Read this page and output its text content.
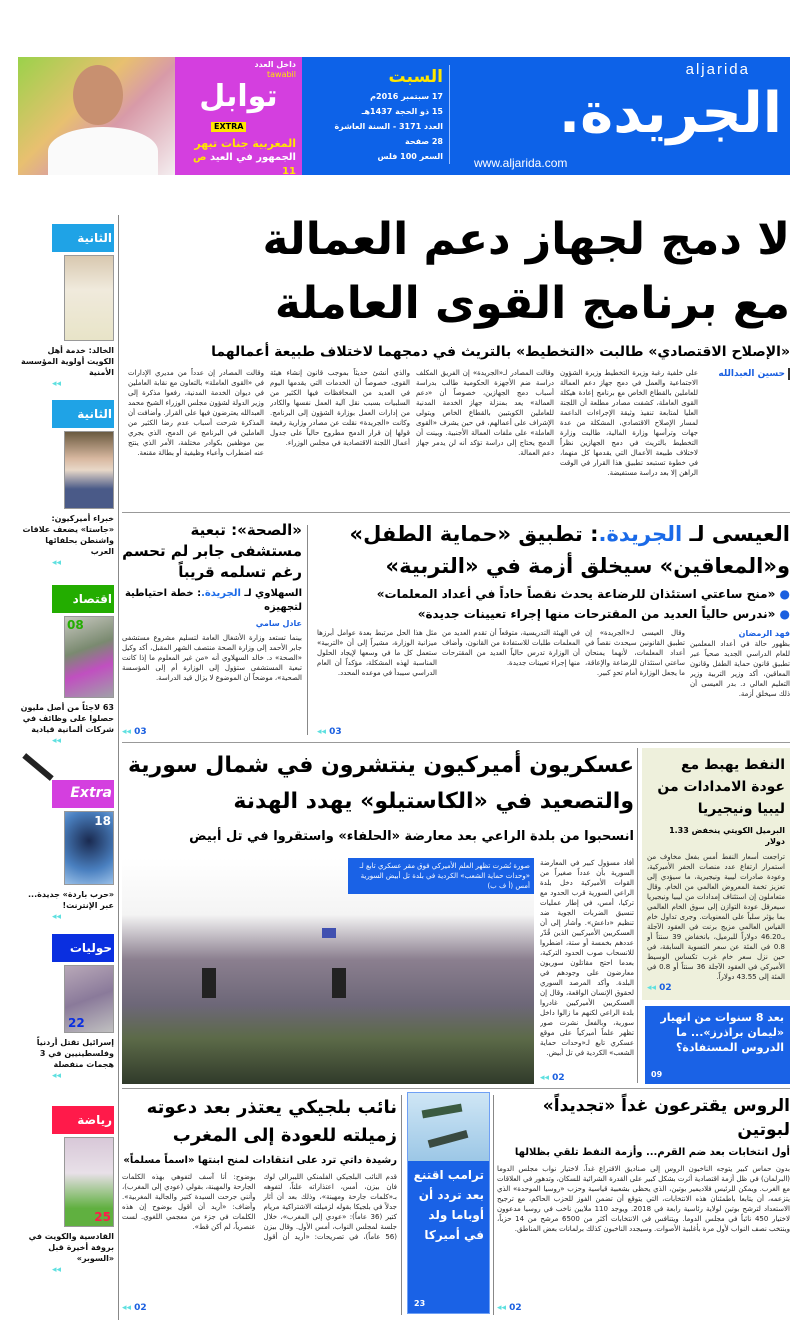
داخل العدد
tawabil
توابل
EXTRA
المغربية جنات تبهر
الجمهور في العيد ص 11
السبت
17 سبتمبر 2016م
15 ذو الحجة 1437هـ
العدد 3171 - السنة العاشرة
28 صفحة
السعر 100 فلس
aljarida
الجريدة.
www.aljarida.com
لا دمج لجهاز دعم العمالة
مع برنامج القوى العاملة
«الإصلاح الاقتصادي» طالبت «التخطيط» بالتريث في دمجهما لاختلاف طبيعة أعمالهما
حسين العبدالله
على خلفية رغبة وزيرة التخطيط وزيرة الشؤون الاجتماعية والعمل في دمج جهاز دعم العمالة للعاملين بالقطاع الخاص مع برنامج إعادة هيكلة القوى العاملة، كشفت مصادر مطلعة أن اللجنة العليا لمتابعة تنفيذ وثيقة الإجراءات الداعمة لمسار الإصلاح الاقتصادي، المشكلة من عدة جهات وترأسها وزارة المالية، طالبت وزارة التخطيط بالتريث في دمج الجهازين نظراً لاختلاف طبيعة الأعمال التي يقدمها كل منهما، في خطوة تستبعد تطبيق هذا القرار في الوقت الراهن إلا بعد دراسة مستفيضة.
وقالت المصادر لـ«الجريدة» إن الفريق المكلف دراسة ضم الأجهزة الحكومية طالب بدراسة أسباب دمج الجهازين، خصوصاً أن «دعم العمالة» يعد بمنزلة جهاز الخدمة المدنية للعاملين الكويتيين بالقطاع الخاص ويتولى الإشراف على أعمالهم، في حين يشرف «القوى العاملة» على ملفات العمالة الأجنبية. وبينت أن الدمج يحتاج إلى دراسة تؤكد أنه لن يدمر جهاز دعم العمالة.
والذي أنشئ حديثاً بموجب قانون إنشاء هيئة القوى، خصوصاً أن الخدمات التي يقدمها اليوم في العديد من المحافظات فيها الكثير من السلبيات بسبب نقل آلية العمل نفسها والكادر من إدارات العمل بوزارة الشؤون إلى البرنامج. وكانت «الجريدة» نقلت عن مصادر وزارية رفيعة قولها إن قرار الدمج مطروح حالياً على جدول أعمال اللجنة الاقتصادية في مجلس الوزراء.
وقالت المصادر إن عدداً من مديري الإدارات في «القوى العاملة» بالتعاون مع نقابة العاملين في ديوان الخدمة المدنية، رفعوا مذكرة إلى وزير الدولة لشؤون مجلس الوزراء الشيخ محمد العبدالله يعترضون فيها على القرار. وأضافت أن المذكرة شرحت أسباب عدم رضا الكثير من العاملين في البرنامج عن الدمج، الذي يجري بين موظفين بكوادر مختلفة، الأمر الذي ينتج عنه اضطراب وأعباء وظيفية أو بطالة مقنعة.
العيسى لـ الجريدة.: تطبيق «حماية الطفل»
و«المعاقين» سيخلق أزمة في «التربية»
● «منح ساعتي استئذان للرضاعة يحدث نقصاً حاداً في أعداد المعلمات»
● «ندرس حالياً العديد من المقترحات منها إجراء تعيينات جديدة»
فهد الرمضان
بظهور حالة في أعداد المعلمين للعام الدراسي الجديد صحياً عبر تطبيق قانون حماية الطفل وقانون المعاقين، أكد وزير التربية وزير التعليم العالي د. بدر العيسى أن ذلك سيخلق أزمة.
وقال العيسى لـ«الجريدة» إن تطبيق القانونين سيحدث نقصاً في أعداد المعلمات، لأنهما يمنحان ساعتي استئذان للرضاعة والإعاقة، ما يجعل الوزارة أمام تحدٍ كبير.
في الهيئة التدريسية، متوقعاً أن تقدم العديد من المعلمات طلبات للاستفادة من القانون، وأضاف أن الوزارة تدرس حالياً العديد من المقترحات منها إجراء تعيينات جديدة.
مثل هذا الحل مرتبط بعدة عوامل أبرزها ميزانية الوزارة، مشيراً إلى أن «التربية» ستعمل كل ما في وسعها لإيجاد الحلول المناسبة لهذه المشكلة، مؤكداً أن العام الدراسي سيبدأ في موعده المحدد.
◂◂ 03
«الصحة»: تبعية مستشفى جابر لم تحسم رغم تسلمه قريباً
السهلاوي لـ الجريدة.: خطة احتياطية لتجهيزه
عادل سامي
بينما تستعد وزارة الأشغال العامة لتسليم مشروع مستشفى جابر الأحمد إلى وزارة الصحة منتصف الشهر المقبل، أكد وكيل «الصحة» د. خالد السهلاوي أنه «من غير المعلوم ما إذا كانت تبعية المستشفى ستؤول إلى الوزارة أم إلى المؤسسة الصحية»، موضحاً أن الموضوع لا يزال قيد الدراسة.
◂◂ 03
عسكريون أميركيون ينتشرون في شمال سورية
والتصعيد في «الكاستيلو» يهدد الهدنة
انسحبوا من بلدة الراعي بعد معارضة «الحلفاء» واستقروا في تل أبيض
صورة نُشرت تظهر العلم الأميركي فوق مقر عسكري تابع لـ «وحدات حماية الشعب» الكردية في بلدة تل أبيض السورية أمس (أ ف ب)
أفاد مسؤول كبير في المعارضة السورية بأن عدداً صغيراً من القوات الأميركية دخل بلدة الراعي السورية قرب الحدود مع تركيا، أمس، في إطار عمليات تنسيق الضربات الجوية ضد تنظيم «داعش». وأشار إلى أن العسكريين الأميركيين الذين قُدّر عددهم بخمسة أو ستة، اضطروا للانسحاب صوب الحدود التركية، بعدما احتج مقاتلون سوريون معارضون على وجودهم في البلدة. وأكد المرصد السوري لحقوق الإنسان الواقعة، وقال إن العسكريين الأميركيين غادروا بلدة الراعي لكنهم ما زالوا داخل سورية، وبالفعل نشرت صور تظهر علماً أميركياً على موقع عسكري تابع لـ«وحدات حماية الشعب» الكردية في تل أبيض.
◂◂ 02
النفط يهبط مع عودة الامدادات من ليبيا ونيجيريا
البرميل الكويتي ينخفض 1.33 دولار
تراجعت أسعار النفط أمس بفعل مخاوف من استمرار ارتفاع عدد منصات الحفر الأميركية، وعودة صادرات ليبية ونيجيرية، ما سيؤدي إلى تعزيز تخمة المعروض العالمي من الخام. وقال متعاملون إن استئناف إمدادات من ليبيا ونيجيريا سيعرقل عودة التوازن إلى سوق الخام العالمي بما يؤثر سلباً على المعنويات. وجرى تداول خام القياس العالمي مزيج برنت في العقود الآجلة بـ46.20 دولاراً للبرميل، بانخفاض 39 سنتاً أو 0.8 في المئة عن سعر التسوية السابقة، في حين نزل سعر خام غرب تكساس الوسيط الأميركي في العقود الآجلة 36 سنتاً أو 0.8 في المئة إلى 43.55 دولاراً.
◂◂ 02
بعد 8 سنوات من انهيار «ليمان براذرز»... ما الدروس المستفادة؟
09
الروس يقترعون غداً «تجديداً» لبوتين
أول انتخابات بعد ضم القرم... وأزمة النفط تلقي بظلالها
بدون حماس كبير يتوجه الناخبون الروس إلى صناديق الاقتراع غداً، لاختيار نواب مجلس الدوما (البرلمان) في ظل أزمة اقتصادية أثرت بشكل كبير على القدرة الشرائية للسكان، وتدهور في العلاقات مع الغرب. ويمكن للرئيس فلاديمير بوتين، الذي يحظى بشعبية قياسية وحزب «روسيا الموحدة» الذي يتزعمه، أن يتابعا باطمئنان هذه الانتخابات، التي يتوقع أن تضمن الفوز للحزب الحاكم، مع ترجيح الاستعداد لترشح بوتين لولاية رئاسية رابعة في 2018. ويوجد 110 ملايين ناخب في روسيا مدعوون لاختيار 450 نائباً في مجلس الدوما. ويتنافس في الانتخابات أكثر من 6500 مرشح من 14 حزباً، وينتخب نصف النواب لأول مرة بأغلبية الأصوات. وسيجدد الناخبون كذلك برلمانات بعض المناطق.
◂◂ 02
ترامب اقتنع بعد تردد أن أوباما ولد في أميركا
23
نائب بلجيكي يعتذر بعد دعوته زميلته للعودة إلى المغرب
رشيدة داتي ترد على انتقادات لمنح ابنتها «اسماً مسلماً»
قدم النائب البلجيكي الفلمنكي الليبرالي لوك فان بيزن، أمس، اعتذاراته علناً، لتفوهه بـ«كلمات جارحة ومهينة»، وذلك بعد أن أثار جدلاً في بلجيكا بقوله لزميلته الاشتراكية مريام كتير (36 عاماً): «عودي إلى المغرب»، خلال جلسة لمجلس النواب، أمس الأول. وقال بيزن (56 عاماً)، في تصريحات: «أريد أن أقول بوضوح: أنا آسف لتفوهي بهذه الكلمات الجارحة والمهينة، بقولي (عودي إلى المغرب)، وأنني جرحت السيدة كتير والجالية المغربية». وأضاف: «أريد أن أقول بوضوح إن هذه الكلمات في جزء من معجمي اللغوي. لست عنصرياً، لم أكن قط».
◂◂ 02
الثانية
الخالد: خدمة أهل الكويت أولوية المؤسسة الأمنية
◂◂
الثانية
خبراء أميركيون: «جاستا» يضعف علاقات واشنطن بحلفائها العرب
◂◂
اقتصاد
08
63 لاجئاً من أصل مليون حصلوا على وظائف في شركات ألمانية قيادية
◂◂
Extra
18
«حرب باردة» جديدة... عبر الإنترنت!
◂◂
حوليات
22
إسرائيل تقتل أردنياً وفلسطينيين في 3 هجمات منفصلة
◂◂
رياضة
25
القادسية والكويت في بروفة أخيرة قبل «السوبر»
◂◂
